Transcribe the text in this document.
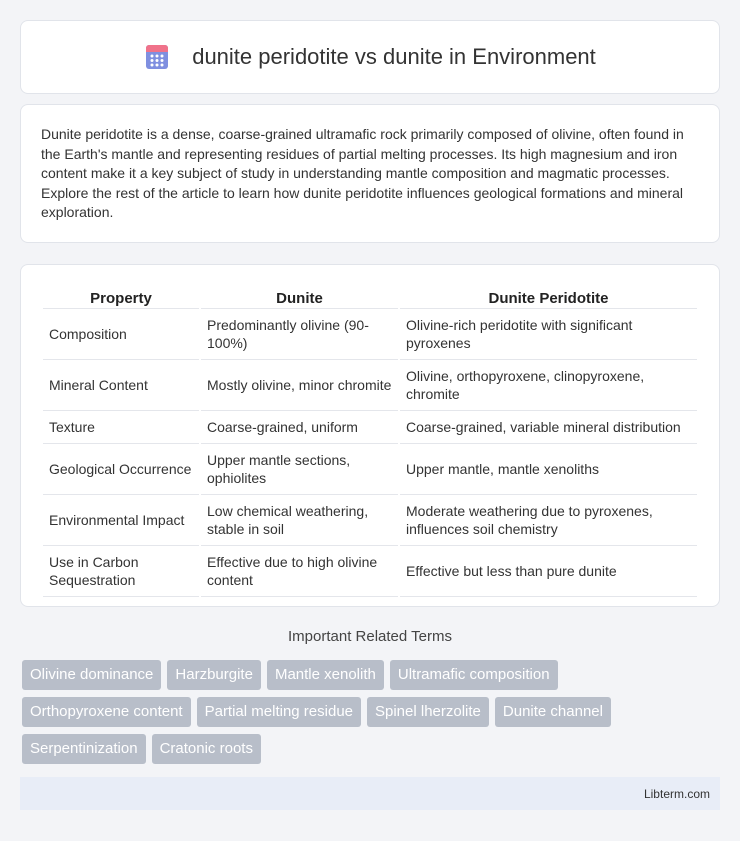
dunite peridotite vs dunite in Environment

Dunite peridotite is a dense, coarse-grained ultramafic rock primarily composed of olivine, often found in the Earth's mantle and representing residues of partial melting processes. Its high magnesium and iron content make it a key subject of study in understanding mantle composition and magmatic processes. Explore the rest of the article to learn how dunite peridotite influences geological formations and mineral exploration.

Property	Dunite	Dunite Peridotite
Composition	Predominantly olivine (90-100%)	Olivine-rich peridotite with significant pyroxenes
Mineral Content	Mostly olivine, minor chromite	Olivine, orthopyroxene, clinopyroxene, chromite
Texture	Coarse-grained, uniform	Coarse-grained, variable mineral distribution
Geological Occurrence	Upper mantle sections, ophiolites	Upper mantle, mantle xenoliths
Environmental Impact	Low chemical weathering, stable in soil	Moderate weathering due to pyroxenes, influences soil chemistry
Use in Carbon Sequestration	Effective due to high olivine content	Effective but less than pure dunite
Important Related Terms
Olivine dominance	Harzburgite	Mantle xenolith	Ultramafic composition
Orthopyroxene content	Partial melting residue	Spinel lherzolite	Dunite channel
Serpentinization	Cratonic roots
Libterm.com
